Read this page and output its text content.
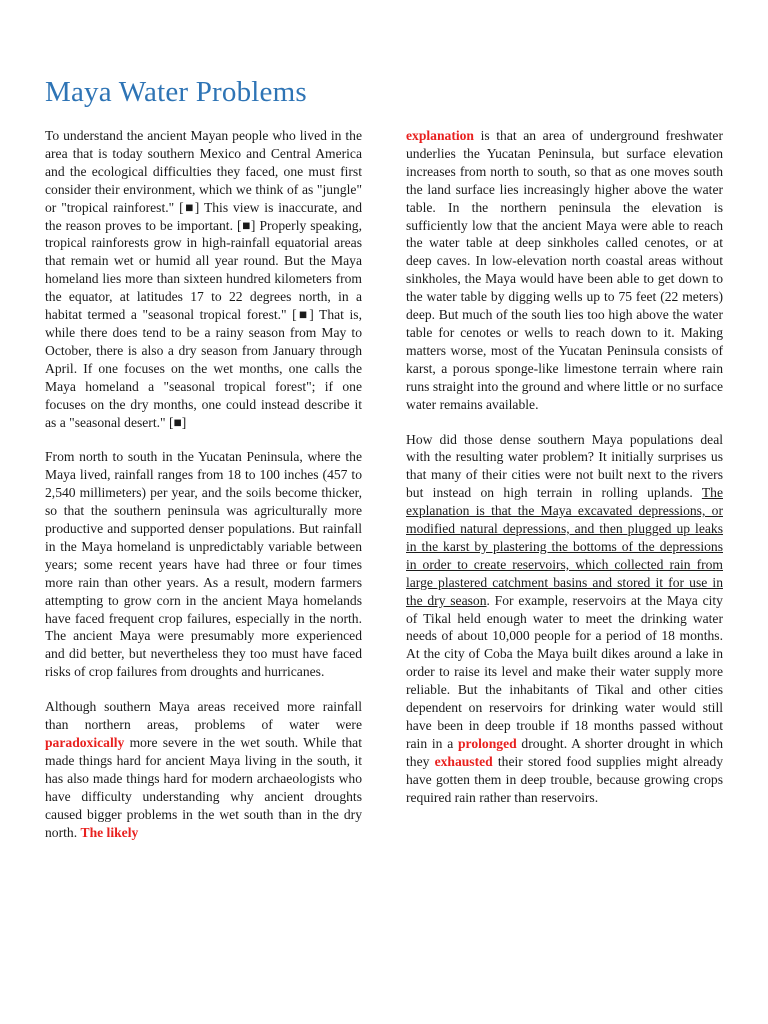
Maya Water Problems

To understand the ancient Mayan people who lived in the area that is today southern Mexico and Central America and the ecological difficulties they faced, one must first consider their environment, which we think of as "jungle" or "tropical rainforest." [■] This view is inaccurate, and the reason proves to be important. [■] Properly speaking, tropical rainforests grow in high-rainfall equatorial areas that remain wet or humid all year round. But the Maya homeland lies more than sixteen hundred kilometers from the equator, at latitudes 17 to 22 degrees north, in a habitat termed a "seasonal tropical forest." [■] That is, while there does tend to be a rainy season from May to October, there is also a dry season from January through April. If one focuses on the wet months, one calls the Maya homeland a "seasonal tropical forest"; if one focuses on the dry months, one could instead describe it as a "seasonal desert." [■]

From north to south in the Yucatan Peninsula, where the Maya lived, rainfall ranges from 18 to 100 inches (457 to 2,540 millimeters) per year, and the soils become thicker, so that the southern peninsula was agriculturally more productive and supported denser populations. But rainfall in the Maya homeland is unpredictably variable between years; some recent years have had three or four times more rain than other years. As a result, modern farmers attempting to grow corn in the ancient Maya homelands have faced frequent crop failures, especially in the north. The ancient Maya were presumably more experienced and did better, but nevertheless they too must have faced risks of crop failures from droughts and hurricanes.

Although southern Maya areas received more rainfall than northern areas, problems of water were paradoxically more severe in the wet south. While that made things hard for ancient Maya living in the south, it has also made things hard for modern archaeologists who have difficulty understanding why ancient droughts caused bigger problems in the wet south than in the dry north. The likely

explanation is that an area of underground freshwater underlies the Yucatan Peninsula, but surface elevation increases from north to south, so that as one moves south the land surface lies increasingly higher above the water table. In the northern peninsula the elevation is sufficiently low that the ancient Maya were able to reach the water table at deep sinkholes called cenotes, or at deep caves. In low-elevation north coastal areas without sinkholes, the Maya would have been able to get down to the water table by digging wells up to 75 feet (22 meters) deep. But much of the south lies too high above the water table for cenotes or wells to reach down to it. Making matters worse, most of the Yucatan Peninsula consists of karst, a porous sponge-like limestone terrain where rain runs straight into the ground and where little or no surface water remains available.

How did those dense southern Maya populations deal with the resulting water problem? It initially surprises us that many of their cities were not built next to the rivers but instead on high terrain in rolling uplands. The explanation is that the Maya excavated depressions, or modified natural depressions, and then plugged up leaks in the karst by plastering the bottoms of the depressions in order to create reservoirs, which collected rain from large plastered catchment basins and stored it for use in the dry season. For example, reservoirs at the Maya city of Tikal held enough water to meet the drinking water needs of about 10,000 people for a period of 18 months. At the city of Coba the Maya built dikes around a lake in order to raise its level and make their water supply more reliable. But the inhabitants of Tikal and other cities dependent on reservoirs for drinking water would still have been in deep trouble if 18 months passed without rain in a prolonged drought. A shorter drought in which they exhausted their stored food supplies might already have gotten them in deep trouble, because growing crops required rain rather than reservoirs.
